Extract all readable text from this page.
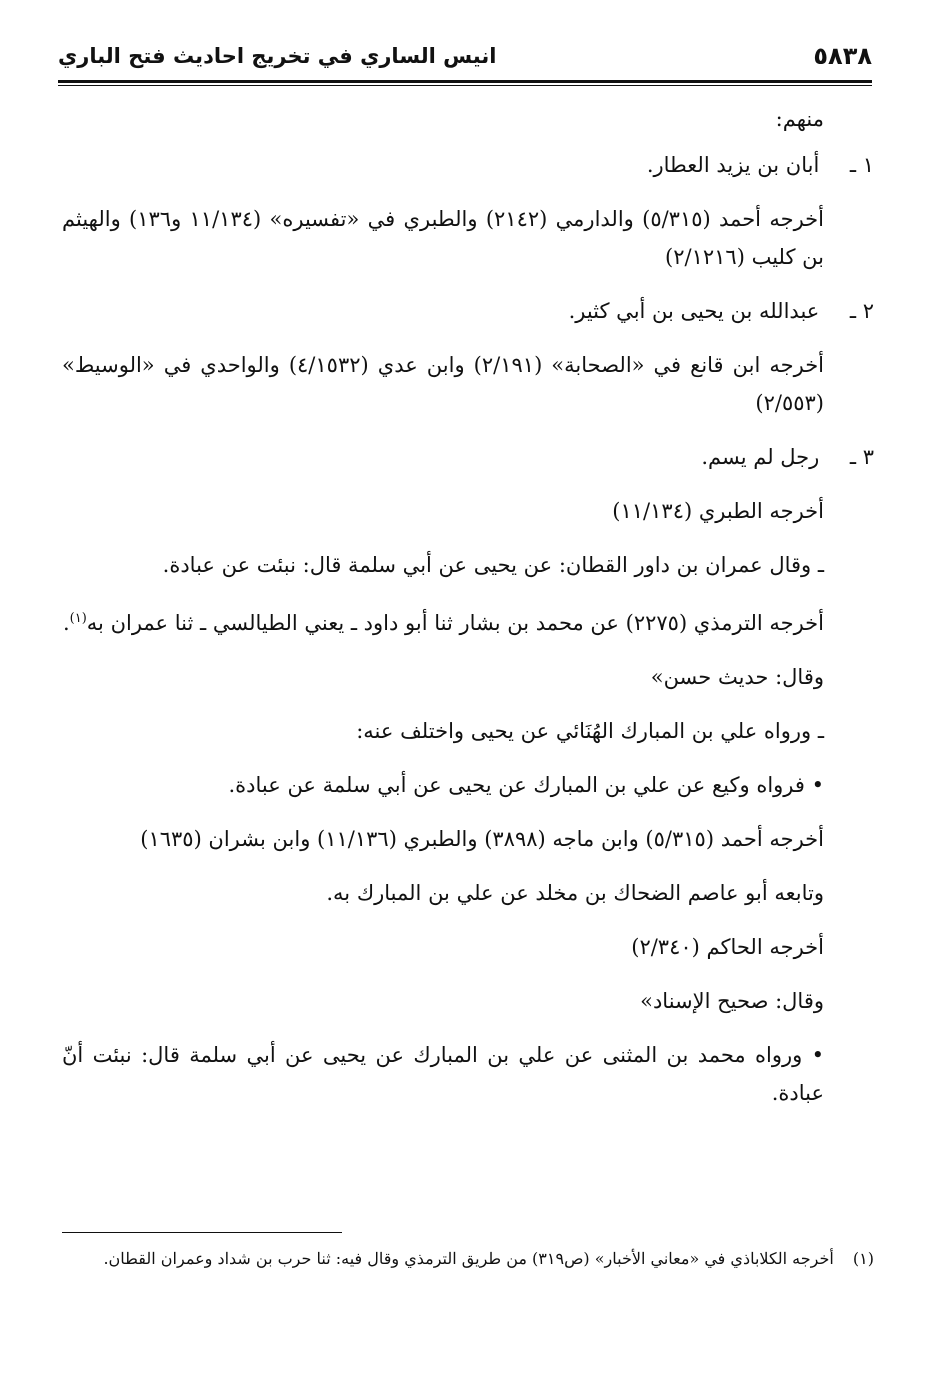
٥٨٣٨
انيس الساري في تخريج احاديث فتح الباري

منهم:

١ ـ أبان بن يزيد العطار.

أخرجه أحمد (٥/٣١٥) والدارمي (٢١٤٢) والطبري في «تفسيره» (١١/١٣٤ و١٣٦) والهيثم بن كليب (٢/١٢١٦)

٢ ـ عبدالله بن يحيى بن أبي كثير.

أخرجه ابن قانع في «الصحابة» (٢/١٩١) وابن عدي (٤/١٥٣٢) والواحدي في «الوسيط» (٢/٥٥٣)

٣ ـ رجل لم يسم.

أخرجه الطبري (١١/١٣٤)

ـ وقال عمران بن داور القطان: عن يحيى عن أبي سلمة قال: نبئت عن عبادة.

أخرجه الترمذي (٢٢٧٥) عن محمد بن بشار ثنا أبو داود ـ يعني الطيالسي ـ ثنا عمران به$^{(١)}$.

وقال: حديث حسن»

ـ ورواه علي بن المبارك الهُنَائي عن يحيى واختلف عنه:

• فرواه وكيع عن علي بن المبارك عن يحيى عن أبي سلمة عن عبادة.

أخرجه أحمد (٥/٣١٥) وابن ماجه (٣٨٩٨) والطبري (١١/١٣٦) وابن بشران (١٦٣٥)

وتابعه أبو عاصم الضحاك بن مخلد عن علي بن المبارك به.

أخرجه الحاكم (٢/٣٤٠)

وقال: صحيح الإسناد»

• ورواه محمد بن المثنى عن علي بن المبارك عن يحيى عن أبي سلمة قال: نبئت أنّ عبادة.

(١) أخرجه الكلاباذي في «معاني الأخبار» (ص٣١٩) من طريق الترمذي وقال فيه: ثنا حرب بن شداد وعمران القطان.
